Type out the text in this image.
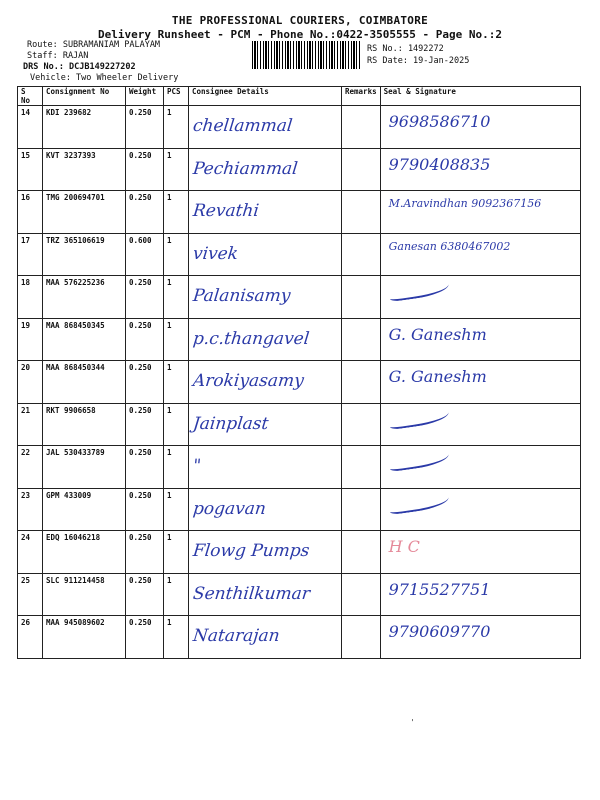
THE PROFESSIONAL COURIERS, COIMBATORE
Delivery Runsheet - PCM - Phone No.:0422-3505555 - Page No.:2
Route: SUBRAMANIAM PALAYAM
Staff: RAJAN
DRS No.: DCJB149227202
Vehicle: Two Wheeler Delivery
RS No.: 1492272
RS Date: 19-Jan-2025
S No	Consignment No	Weight	PCS	Consignee Details	Remarks	Seal & Signature
14	KDI 239682	0.250	1	chellammal		9698586710

15	KVT 3237393	0.250	1	Pechiammal		9790408835

16	TMG 200694701	0.250	1	Revathi		M.Aravindhan 9092367156

17	TRZ 365106619	0.600	1	vivek		Ganesan 6380467002

18	MAA 576225236	0.250	1	Palanisamy		

19	MAA 868450345	0.250	1	p.c.thangavel		G. Ganeshm

20	MAA 868450344	0.250	1	Arokiyasamy		G. Ganeshm

21	RKT 9906658	0.250	1	Jainplast		

22	JAL 530433789	0.250	1	"		

23	GPM 433009	0.250	1	pogavan		

24	EDQ 16046218	0.250	1	Flowg Pumps		H C

25	SLC 911214458	0.250	1	Senthilkumar		9715527751

26	MAA 945089602	0.250	1	Natarajan		9790609770
'
